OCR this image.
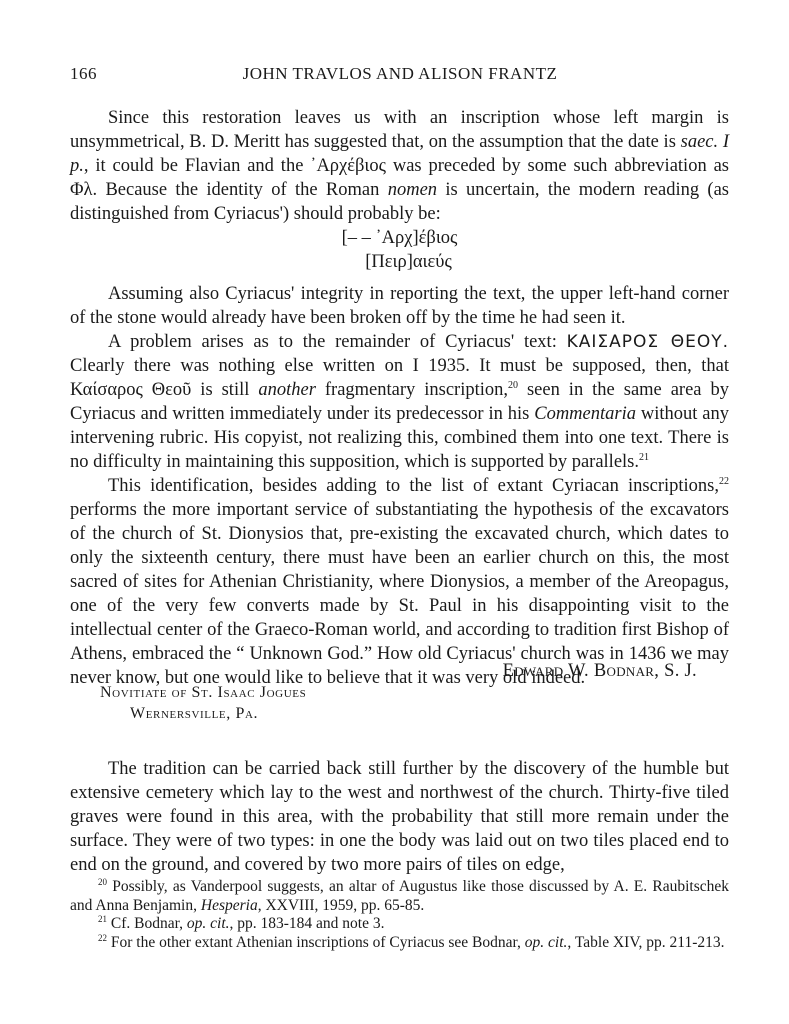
166	JOHN TRAVLOS AND ALISON FRANTZ

Since this restoration leaves us with an inscription whose left margin is unsymmetrical, B. D. Meritt has suggested that, on the assumption that the date is saec. I p., it could be Flavian and the ᾿Αρχέβιος was preceded by some such abbreviation as Φλ. Because the identity of the Roman nomen is uncertain, the modern reading (as distinguished from Cyriacus') should probably be:

[– – ᾿Αρχ]έβιος
[Πειρ]αιεύς

Assuming also Cyriacus' integrity in reporting the text, the upper left-hand corner of the stone would already have been broken off by the time he had seen it.

A problem arises as to the remainder of Cyriacus' text: ΚΑΙΣΑΡΟΣ ΘΕΟΥ. Clearly there was nothing else written on I 1935. It must be supposed, then, that Καίσαρος Θεοῦ is still another fragmentary inscription,$^{20}$ seen in the same area by Cyriacus and written immediately under its predecessor in his Commentaria without any intervening rubric. His copyist, not realizing this, combined them into one text. There is no difficulty in maintaining this supposition, which is supported by parallels.$^{21}$

This identification, besides adding to the list of extant Cyriacan inscriptions,$^{22}$ performs the more important service of substantiating the hypothesis of the excavators of the church of St. Dionysios that, pre-existing the excavated church, which dates to only the sixteenth century, there must have been an earlier church on this, the most sacred of sites for Athenian Christianity, where Dionysios, a member of the Areopagus, one of the very few converts made by St. Paul in his disappointing visit to the intellectual center of the Graeco-Roman world, and according to tradition first Bishop of Athens, embraced the “ Unknown God.” How old Cyriacus' church was in 1436 we may never know, but one would like to believe that it was very old indeed.

Edward W. Bodnar, S. J.
Novitiate of St. Isaac Jogues
Wernersville, Pa.

The tradition can be carried back still further by the discovery of the humble but extensive cemetery which lay to the west and northwest of the church. Thirty-five tiled graves were found in this area, with the probability that still more remain under the surface. They were of two types: in one the body was laid out on two tiles placed end to end on the ground, and covered by two more pairs of tiles on edge,

$^{20}$ Possibly, as Vanderpool suggests, an altar of Augustus like those discussed by A. E. Raubitschek and Anna Benjamin, Hesperia, XXVIII, 1959, pp. 65-85.

$^{21}$ Cf. Bodnar, op. cit., pp. 183-184 and note 3.

$^{22}$ For the other extant Athenian inscriptions of Cyriacus see Bodnar, op. cit., Table XIV, pp. 211-213.
